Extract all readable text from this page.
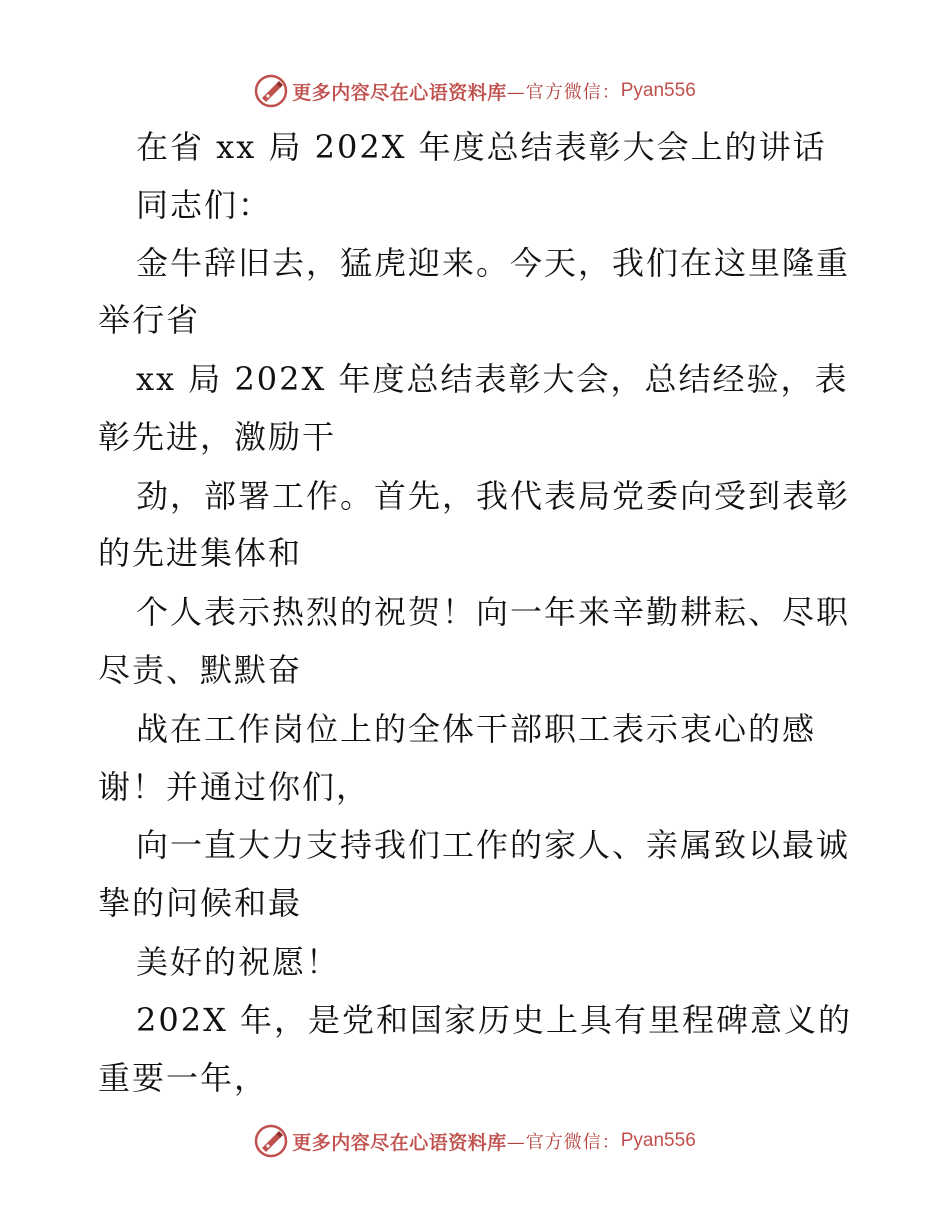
更多内容尽在心语资料库 —官方微信： Pyan556
在省 xx 局 202X 年度总结表彰大会上的讲话
同志们：
金牛辞旧去，猛虎迎来。今天，我们在这里隆重
举行省
xx 局 202X 年度总结表彰大会，总结经验，表
彰先进，激励干
劲，部署工作。首先，我代表局党委向受到表彰
的先进集体和
个人表示热烈的祝贺！向一年来辛勤耕耘、尽职
尽责、默默奋
战在工作岗位上的全体干部职工表示衷心的感
谢！并通过你们，
向一直大力支持我们工作的家人、亲属致以最诚
挚的问候和最
美好的祝愿！
202X 年，是党和国家历史上具有里程碑意义的
重要一年，
更多内容尽在心语资料库 —官方微信： Pyan556
